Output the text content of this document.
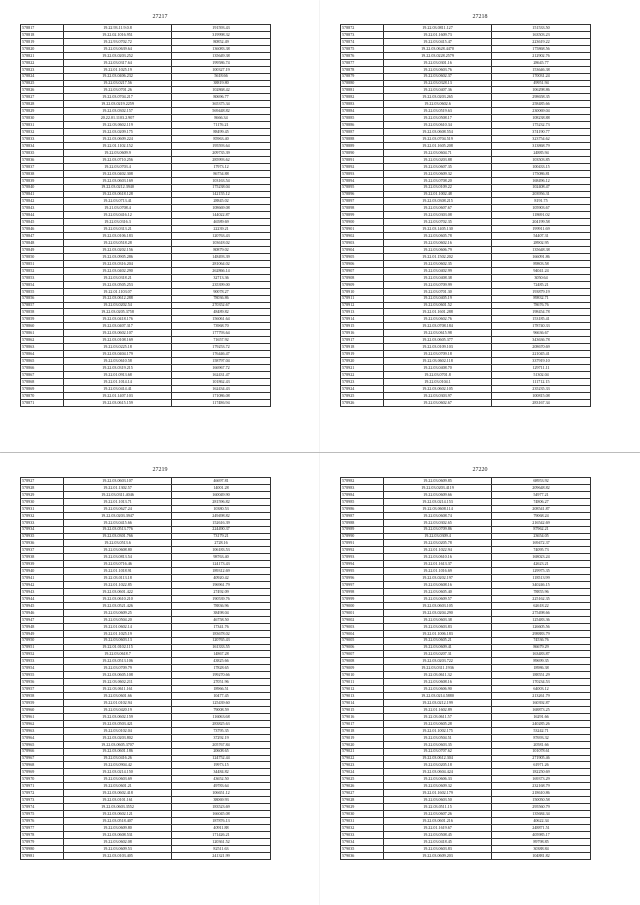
27217
578817	19.22.93.11.9.0.8	191593.43
578818	19.22.02.1016.951	319998.32
578819	19.22.93.0702.72	80852.49
578820	19.22.03.0639.64	136083.38
578821	19.22.03.0203.252	135649.38
578822	19.22.03.0317.64	199586.74
578823	19.22.01.1025.19	100327.19
578824	19.22.03.0406.232	5618.66
578825	19.22.03.0217.56	38819.80
578826	19.22.03.0701.26	102868.42
578827	19.22.03.0704.217	80696.77
578828	19.22.03.0219.2259	365375.34
578829	19.22.03.0302.157	569448.82
578830	20.22.01.1103.2.907	8666.34
578831	19.22.03.0602.119	71176.21
578832	19.22.03.0209.175	88499.45
578833	19.22.03.0609.224	85963.40
578834	19.22.01.1102.152	195593.64
578835	19.22.03.0609.9	209735.39
578836	19.22.03.0710.256	285993.62
578837	19.22.03.0703.4	17973.12
578838	19.22.03.0402.308	86754.88
578839	19.22.03.0603.169	103163.54
578840	19.22.03.0212.3940	175238.04
578841	19.22.03.0618.128	142155.12
578842	19.22.03.0713.41	28845.02
578843	19.21.03.0708.4	108669.08
578844	19.22.03.0416.12	144022.87
578845	19.22.03.0316.3	46589.69
578846	19.22.03.0313.21	22239.21
578847	19.22.03.0106.183	120763.43
578848	19.22.03.0518.28	103618.02
578849	19.22.03.0202.156	80879.02
578850	19.22.03.0905.286	148493.39
578851	19.22.03.0316.204	281064.02
578852	19.22.03.0402.290	262866.14
578853	19.22.03.0318.21	32713.36
578854	19.22.03.0505.253	235399.00
578855	19.22.01.1103.07	90078.27
578856	19.22.03.0612.288	78036.86
578857	19.22.03.0202.54	270352.67
578858	19.22.03.0205.3758	48489.82
578859	19.22.03.0418.176	156061.64
578860	19.22.03.0407.317	73968.70
578861	19.22.03.0602.107	177793.64
578862	19.22.03.0108.169	71657.92
578863	19.22.03.0225.18	179253.72
578864	19.22.03.0404.179	176446.47
578865	19.22.03.0610.58	158797.04
578866	19.22.03.0319.215	166967.72
578867	19.22.01.0913.68	162431.47
578868	19.22.01.1014.14	101862.43
578869	19.22.03.0414.41	162434.43
578870	19.22.01.1407.103	171086.08
578871	19.22.03.0615.159	117486.94
27218
578872	19.22.03.0811.127	151533.50
578873	19.22.01.1609.73	163503.23
578874	19.22.03.0415.47	223619.22
578875	19.22.03.0628.4470	175868.56
578876	19.22.03.0228.2579	212902.76
578877	19.22.03.0301.16	28645.77
578878	19.22.03.0603.76	153646.38
578879	19.22.03.0602.37	170031.24
578880	19.22.03.0328.13	49951.94
578881	19.22.03.0407.36	106298.86
578882	19.22.03.0203.265	298658.35
578883	19.22.03.0602.6	258485.66
578884	19.22.03.0519.63	230069.04
578885	19.22.03.0508.17	108238.88
578886	19.22.03.0610.34	175232.73
578887	19.22.03.0608.554	374190.77
578888	19.22.03.0704.519	323754.62
578889	19.22.01.1605.208	313868.79
578890	19.22.03.0604.71	24885.94
578891	19.22.03.0203.88	103503.85
578892	19.22.03.0607.35	100433.15
578893	19.22.03.0609.32	175086.81
578894	19.22.03.0708.20	168496.12
578895	19.22.03.0109.22	102408.47
578896	19.22.01.1002.48	203956.31
578897	19.22.03.0308.215	8191.75
578898	19.22.03.0607.67	105903.67
578899	19.22.03.0303.08	118691.02
578900	19.22.03.0702.35	204199.58
578901	19.22.03.1405.130	199911.69
578902	19.22.03.0605.78	54407.31
578903	19.22.03.0602.16	28902.95
578904	19.22.03.0606.79	135648.38
578905	19.22.01.1502.202	166091.86
578906	19.22.03.0602.35	89803.58
578907	19.22.03.0402.99	94041.24
578908	19.22.03.0408.38	3050.64
578909	19.22.03.0709.99	72485.21
578910	19.22.03.0701.30	193879.19
578911	19.22.03.0405.19	89832.71
578912	19.22.03.0601.52	78676.76
578913	19.22.01.1601.288	198454.78
578914	19.22.03.0602.76	153185.41
578915	19.22.03.0708.184	178740.33
578916	19.22.03.0615.98	96636.67
578917	19.22.03.0605.377	343636.78
578918	19.22.03.0109.103	208670.69
578919	19.22.03.0709.18	221045.41
578920	19.22.03.0602.118	337919.10
578921	19.22.03.0408.70	129711.11
578922	19.22.03.0701.8	51302.04
578923	19.22.03.0104.1	111712.15
578924	19.22.03.0602.105	235235.33
578925	19.22.03.0303.97	100815.08
578926	19.22.03.0602.67	283167.34
27219
578927	19.22.03.0603.107	46697.81
578928	19.22.01.1302.57	14001.28
578929	19.22.03.0311.4046	160049.90
578930	19.22.01.1013.71	281596.82
578931	19.22.03.0627.24	10380.53
578932	19.22.03.0203.3947	249498.82
578933	19.22.03.0415.66	152616.39
578934	19.22.03.0513.776	224490.37
578935	19.22.03.0301.766	73179.21
578936	19.22.03.0513.6	2728.16
578937	19.22.03.0608.80	106183.53
578938	19.22.03.0813.54	98763.40
578939	19.22.03.0716.46	124173.43
578940	19.22.01.1018.91	189312.69
578941	19.22.03.0113.18	40920.42
578942	19.22.01.1022.85	196961.79
578943	19.22.03.0601.422	27492.09
578944	19.22.03.0610.210	190539.76
578945	19.22.03.0521.426	78836.96
578946	19.22.03.0609.25	38498.04
578947	19.22.03.0504.20	46758.50
578948	19.22.01.0602.14	17341.76
578949	19.22.01.1025.19	183678.02
578950	19.22.03.0603.13	120765.43
578951	19.22.01.0102.115	161333.55
578952	19.22.03.0618.7	14867.28
578953	19.22.03.0513.106	43825.66
578954	19.22.03.0709.79	17828.65
578955	19.22.03.0605.108	199270.66
578956	19.22.03.0602.211	27051.96
578957	19.22.03.0611.161	18966.51
578958	19.22.03.0601.66	10477.45
578959	19.22.01.0102.94	125439.60
578960	19.22.03.0420.19	79008.59
578961	19.22.03.0602.159	116063.68
578962	19.22.03.0503.421	283825.63
578963	19.22.03.0102.04	73795.35
578964	19.22.03.0203.802	37292.19
578965	19.22.03.0605.3707	205767.84
578966	19.22.03.0601.186	20608.65
578967	19.22.03.0416.26	124752.44
578968	19.22.03.0904.42	19973.15
578969	19.22.03.0214.150	34484.82
578970	19.22.03.0603.69	43652.50
578971	19.22.03.0601.21	49783.64
578972	19.22.03.0602.418	106651.12
578973	19.22.03.0101.161	38069.93
578974	19.22.03.0603.3552	183523.69
578975	19.22.03.0602.121	166045.08
578976	19.22.03.0518.407	187876.13
578977	19.22.03.0609.80	40911.88
578978	19.22.03.0608.531	171426.21
578979	19.22.03.0602.08	120361.52
578980	19.22.03.0609.53	82511.63
578981	19.22.03.0103.405	241321.99
27220
578982	19.22.03.0609.85	68953.92
578983	19.22.03.0203.4119	209648.82
578984	19.22.03.0609.66	54977.21
578985	19.22.03.0214.153	74806.27
578986	19.22.03.0608.114	208541.87
578987	19.22.03.0608.74	79068.24
578988	19.22.03.0302.65	216542.69
578989	19.22.03.0709.86	87962.21
578990	19.22.03.0309.4	23654.05
578991	19.22.03.0205.78	169472.37
578992	19.22.01.1022.94	74095.73
578993	19.22.03.0610.16	168023.24
578994	19.22.01.1613.37	42623.21
578995	19.22.01.1016.69	129975.35
578996	19.22.03.0202.197	118513.99
578997	19.22.03.0608.16	340246.15
578998	19.22.03.0605.40	78855.96
578999	19.22.03.0609.57	225162.35
579000	19.22.03.0603.105	62618.22
579001	19.22.03.0204.290	275498.66
579002	19.22.03.0603.38	125483.36
579003	19.22.03.0603.83	126605.56
579004	19.22.01.1006.183	298883.79
579005	19.22.03.0605.21	74536.76
579006	19.22.03.0609.41	86679.29
579007	19.22.03.0207.31	163483.87
579008	19.22.03.0203.722	89699.35
579009	19.22.03.0311.1936	18986.38
579010	19.22.03.0611.32	188551.29
579011	19.22.03.0608.16	170234.53
579012	19.22.03.0606.90	64003.12
579013	19.22.03.0214.5880	213261.79
579014	19.22.03.0212.199	160392.87
579015	19.22.01.1602.89	168873.25
579016	19.22.03.0611.57	16291.66
579017	19.22.03.0605.28	240285.26
579018	19.22.01.1002.175	53242.71
579019	19.22.03.0504.51	87693.32
579020	19.22.03.0603.35	20581.66
579021	19.22.03.0707.62	101078.61
579022	19.22.03.0612.304	271905.46
579023	19.22.03.0205.18	61971.26
579024	19.22.03.0604.424	182250.69
579025	19.22.03.0606.33	169373.29
579026	19.22.03.0609.32	232168.79
579027	19.22.01.1602.179	218610.86
579028	19.22.03.0603.50	150050.58
579029	19.22.03.0511.15	295560.79
579030	19.22.03.0607.26	135684.34
579031	19.22.03.0601.216	40622.34
579032	19.22.01.1619.67	248871.51
579033	19.22.03.0508.45	405985.17
579034	19.22.03.0418.45	89798.85
579035	19.22.03.0603.83	30388.84
579036	19.22.03.0609.203	104881.82
